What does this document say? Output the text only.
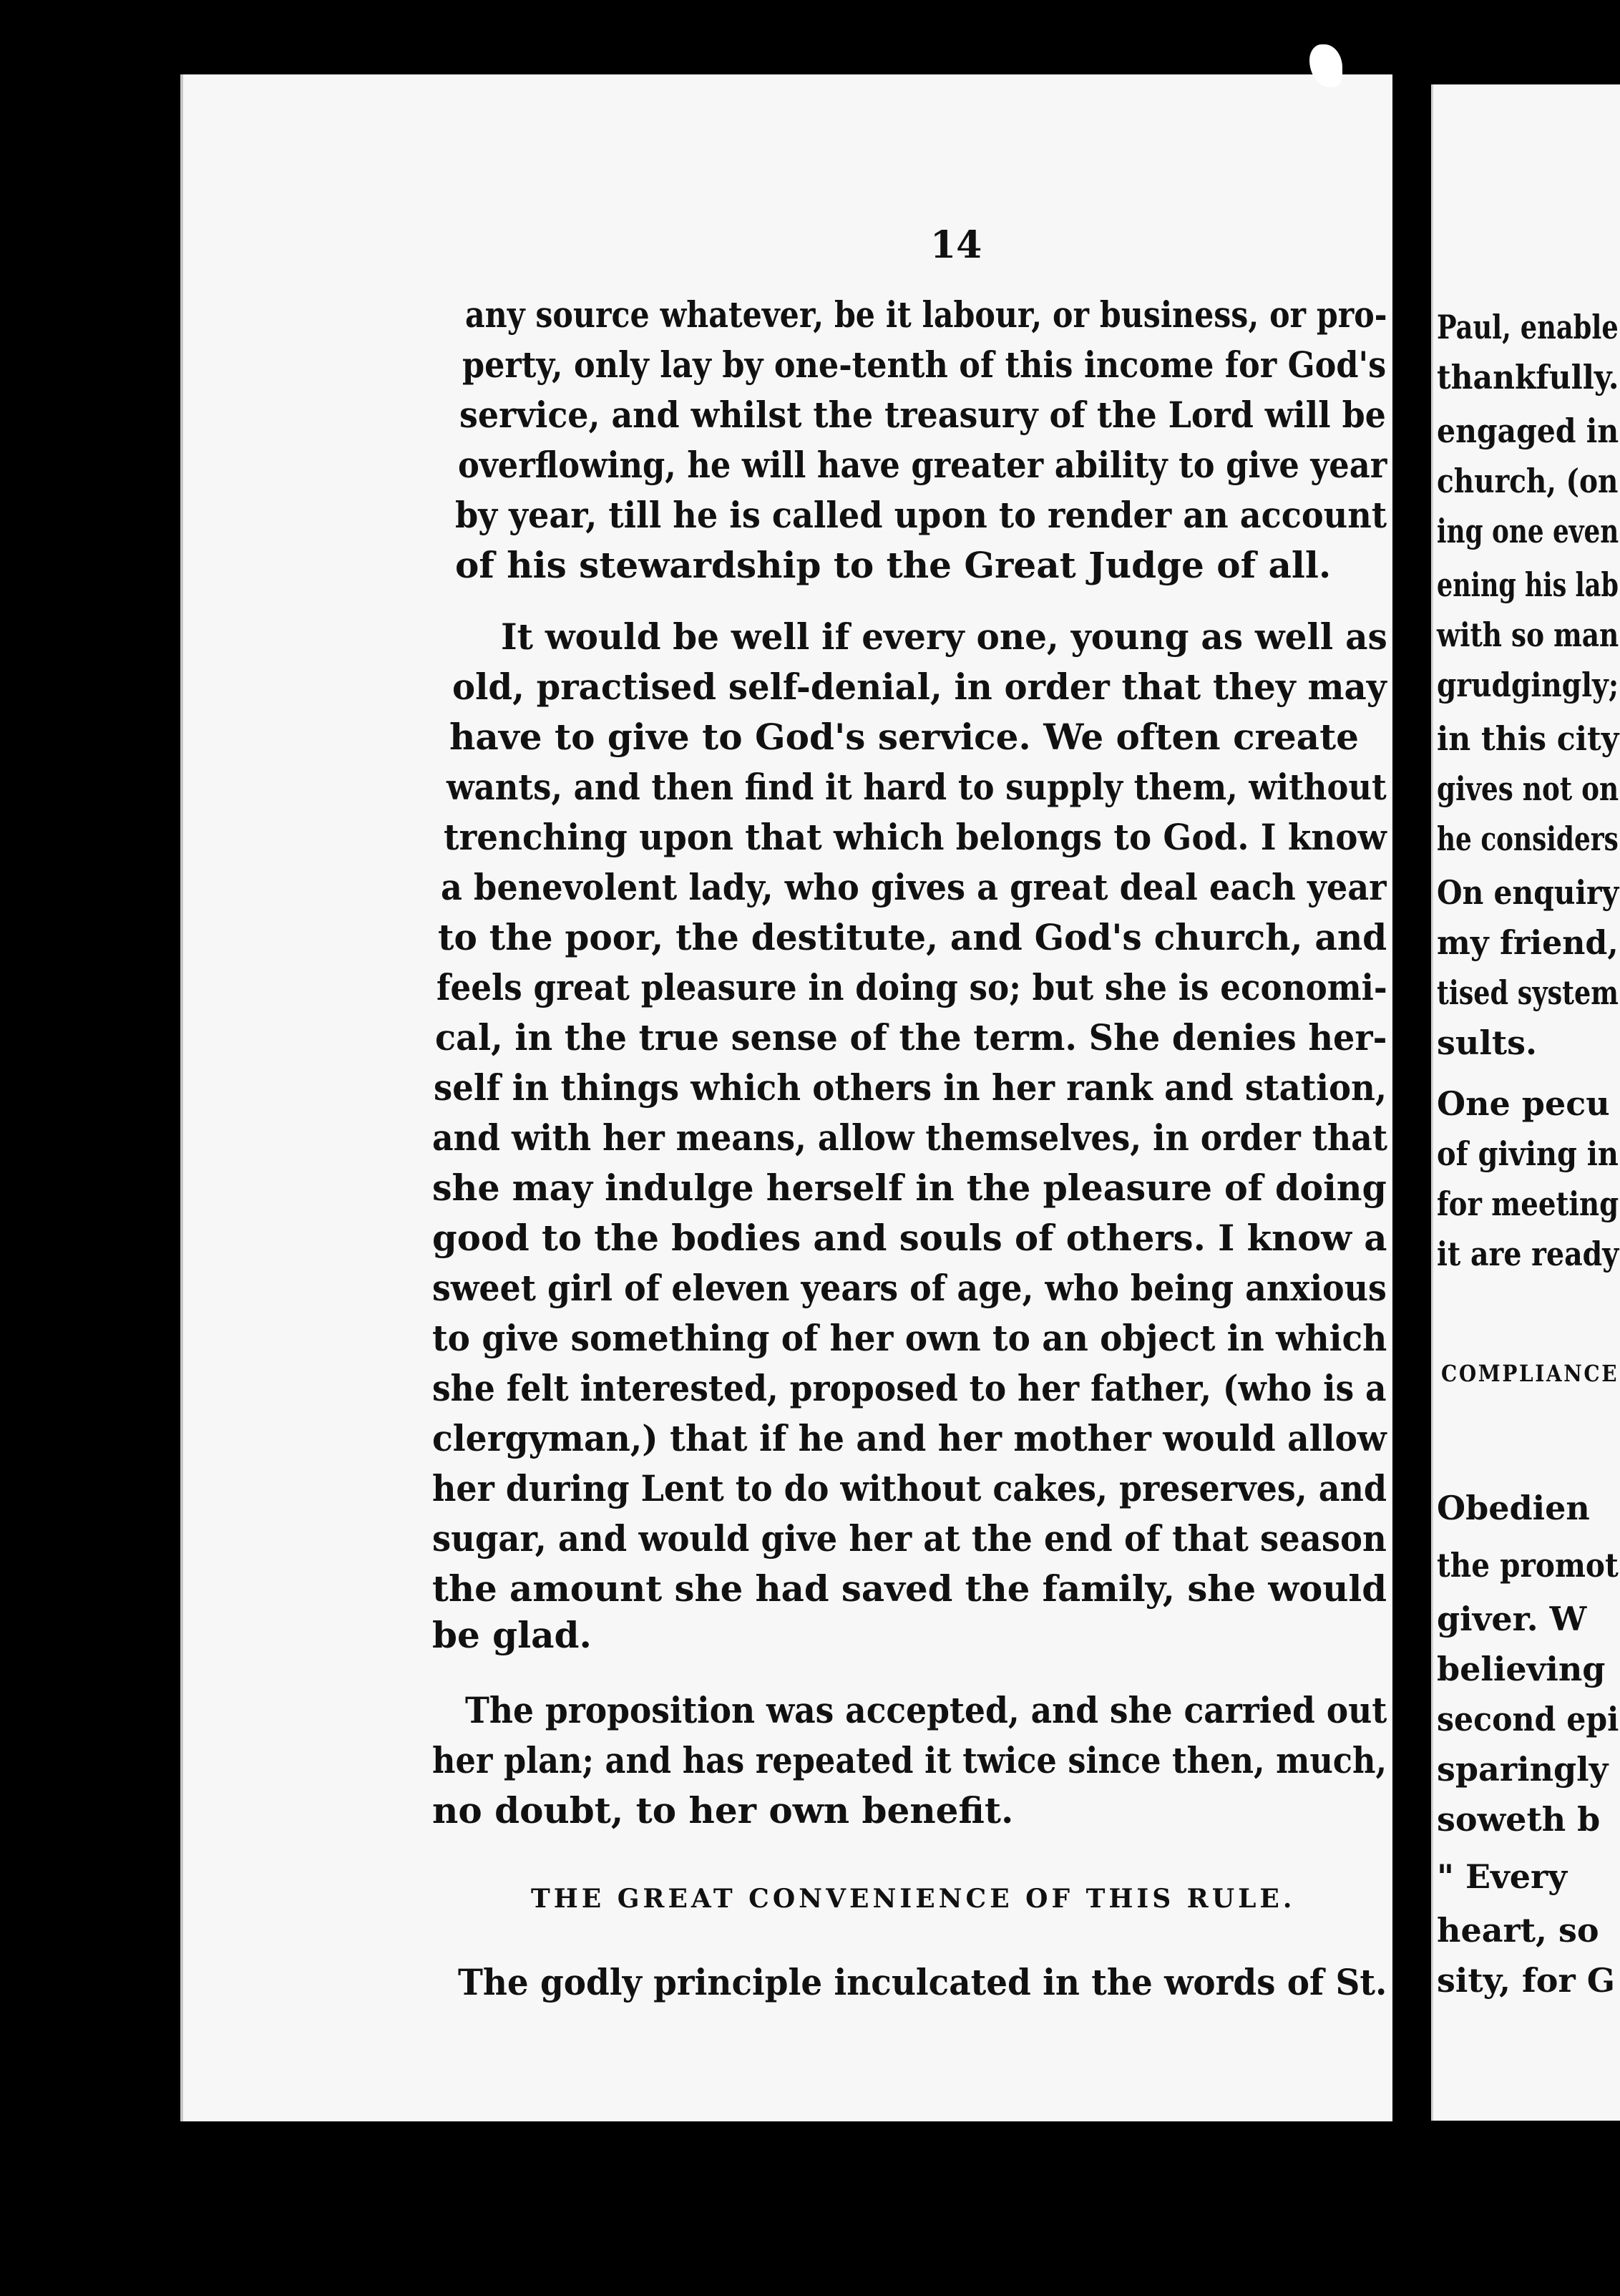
14
any source whatever, be it labour, or business, or pro-
perty, only lay by one-tenth of this income for God's
service, and whilst the treasury of the Lord will be
overflowing, he will have greater ability to give year
by year, till he is called upon to render an account
of his stewardship to the Great Judge of all.
It would be well if every one, young as well as
old, practised self-denial, in order that they may
have to give to God's service. We often create
wants, and then find it hard to supply them, without
trenching upon that which belongs to God. I know
a benevolent lady, who gives a great deal each year
to the poor, the destitute, and God's church, and
feels great pleasure in doing so; but she is economi-
cal, in the true sense of the term. She denies her-
self in things which others in her rank and station,
and with her means, allow themselves, in order that
she may indulge herself in the pleasure of doing
good to the bodies and souls of others. I know a
sweet girl of eleven years of age, who being anxious
to give something of her own to an object in which
she felt interested, proposed to her father, (who is a
clergyman,) that if he and her mother would allow
her during Lent to do without cakes, preserves, and
sugar, and would give her at the end of that season
the amount she had saved the family, she would
be glad.
The proposition was accepted, and she carried out
her plan; and has repeated it twice since then, much,
no doubt, to her own benefit.
THE GREAT CONVENIENCE OF THIS RULE.
The godly principle inculcated in the words of St.
Paul, enable
thankfully.
engaged in
church, (on
ing one even
ening his lab
with so man
grudgingly;
in this city
gives not on
he considers
On enquiry
my friend,
tised system
sults.
One pecu
of giving in
for meeting
it are ready
COMPLIANCE
Obedien
the promot
giver. W
believing
second epi
sparingly
soweth b
" Every
heart, so
sity, for G
